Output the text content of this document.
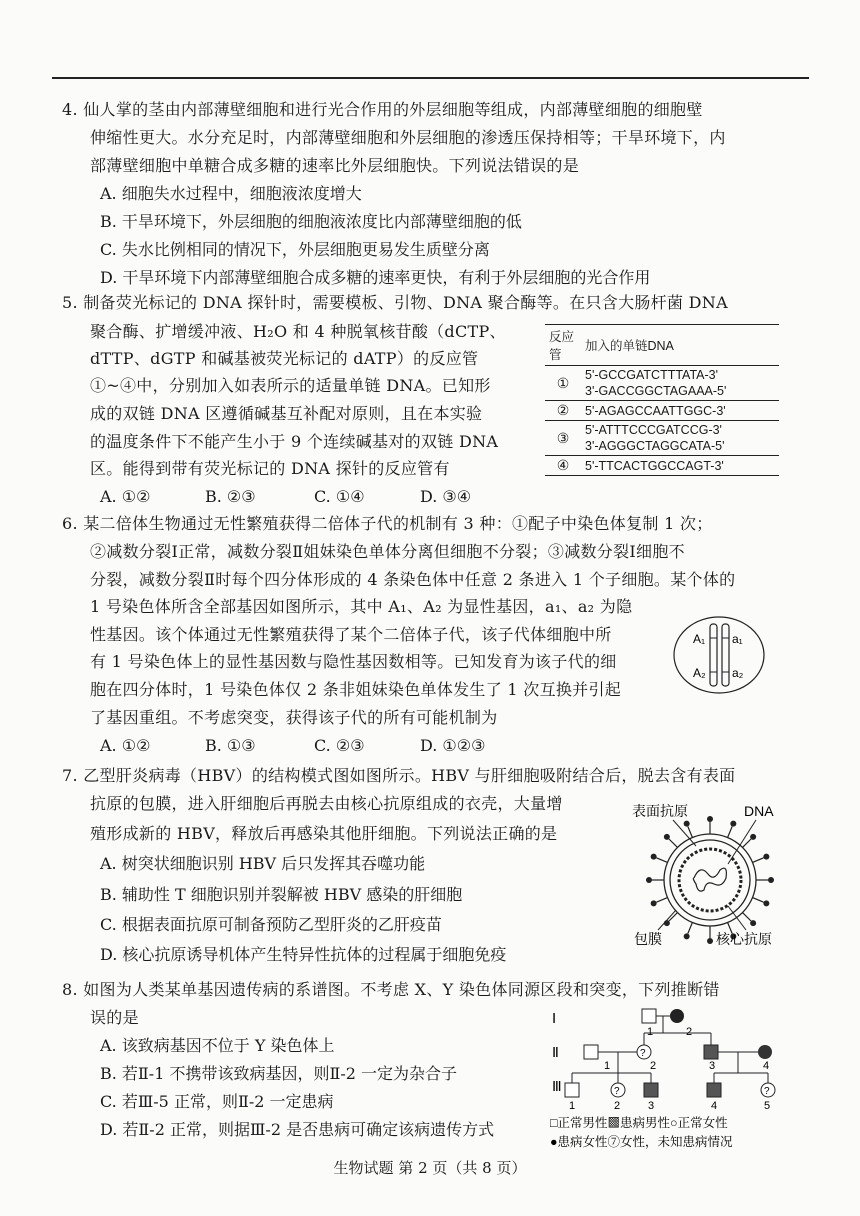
4. 仙人掌的茎由内部薄壁细胞和进行光合作用的外层细胞等组成，内部薄壁细胞的细胞壁
伸缩性更大。水分充足时，内部薄壁细胞和外层细胞的渗透压保持相等；干旱环境下，内
部薄壁细胞中单糖合成多糖的速率比外层细胞快。下列说法错误的是
A. 细胞失水过程中，细胞液浓度增大
B. 干旱环境下，外层细胞的细胞液浓度比内部薄壁细胞的低
C. 失水比例相同的情况下，外层细胞更易发生质壁分离
D. 干旱环境下内部薄壁细胞合成多糖的速率更快，有利于外层细胞的光合作用
5. 制备荧光标记的 DNA 探针时，需要模板、引物、DNA 聚合酶等。在只含大肠杆菌 DNA
聚合酶、扩增缓冲液、H₂O 和 4 种脱氧核苷酸（dCTP、
dTTP、dGTP 和碱基被荧光标记的 dATP）的反应管
①~④中，分别加入如表所示的适量单链 DNA。已知形
成的双链 DNA 区遵循碱基互补配对原则，且在本实验
的温度条件下不能产生小于 9 个连续碱基对的双链 DNA
区。能得到带有荧光标记的 DNA 探针的反应管有
A. ①②	B. ②③	C. ①④	D. ③④
反应管	加入的单链DNA
①	5'-GCCGATCTTTATA-3'
3'-GACCGGCTAGAAA-5'

②	5'-AGAGCCAATTGGC-3'

③	5'-ATTTCCCGATCCG-3'
3'-AGGGCTAGGCATA-5'

④	5'-TTCACTGGCCAGT-3'
6. 某二倍体生物通过无性繁殖获得二倍体子代的机制有 3 种：①配子中染色体复制 1 次；
②减数分裂Ⅰ正常，减数分裂Ⅱ姐妹染色单体分离但细胞不分裂；③减数分裂Ⅰ细胞不
分裂，减数分裂Ⅱ时每个四分体形成的 4 条染色体中任意 2 条进入 1 个子细胞。某个体的
1 号染色体所含全部基因如图所示，其中 A₁、A₂ 为显性基因，a₁、a₂ 为隐
性基因。该个体通过无性繁殖获得了某个二倍体子代，该子代体细胞中所
有 1 号染色体上的显性基因数与隐性基因数相等。已知发育为该子代的细
胞在四分体时，1 号染色体仅 2 条非姐妹染色单体发生了 1 次互换并引起
了基因重组。不考虑突变，获得该子代的所有可能机制为
A. ①②	B. ①③	C. ②③	D. ①②③
A₁
A₂
a₁
a₂
7. 乙型肝炎病毒（HBV）的结构模式图如图所示。HBV 与肝细胞吸附结合后，脱去含有表面
抗原的包膜，进入肝细胞后再脱去由核心抗原组成的衣壳，大量增
殖形成新的 HBV，释放后再感染其他肝细胞。下列说法正确的是
A. 树突状细胞识别 HBV 后只发挥其吞噬功能
B. 辅助性 T 细胞识别并裂解被 HBV 感染的肝细胞
C. 根据表面抗原可制备预防乙型肝炎的乙肝疫苗
D. 核心抗原诱导机体产生特异性抗体的过程属于细胞免疫
表面抗原	DNA
包膜	核心抗原
8. 如图为人类某单基因遗传病的系谱图。不考虑 X、Y 染色体同源区段和突变，下列推断错
误的是
A. 该致病基因不位于 Y 染色体上
B. 若Ⅱ-1 不携带该致病基因，则Ⅱ-2 一定为杂合子
C. 若Ⅲ-5 正常，则Ⅱ-2 一定患病
D. 若Ⅱ-2 正常，则据Ⅲ-2 是否患病可确定该病遗传方式
Ⅰ
Ⅱ
Ⅲ
1	2
?
1	2	3	4
?	?
1	2	3	4	5
□正常男性▩患病男性○正常女性
●患病女性⑦女性，未知患病情况
生物试题 第 2 页（共 8 页）
